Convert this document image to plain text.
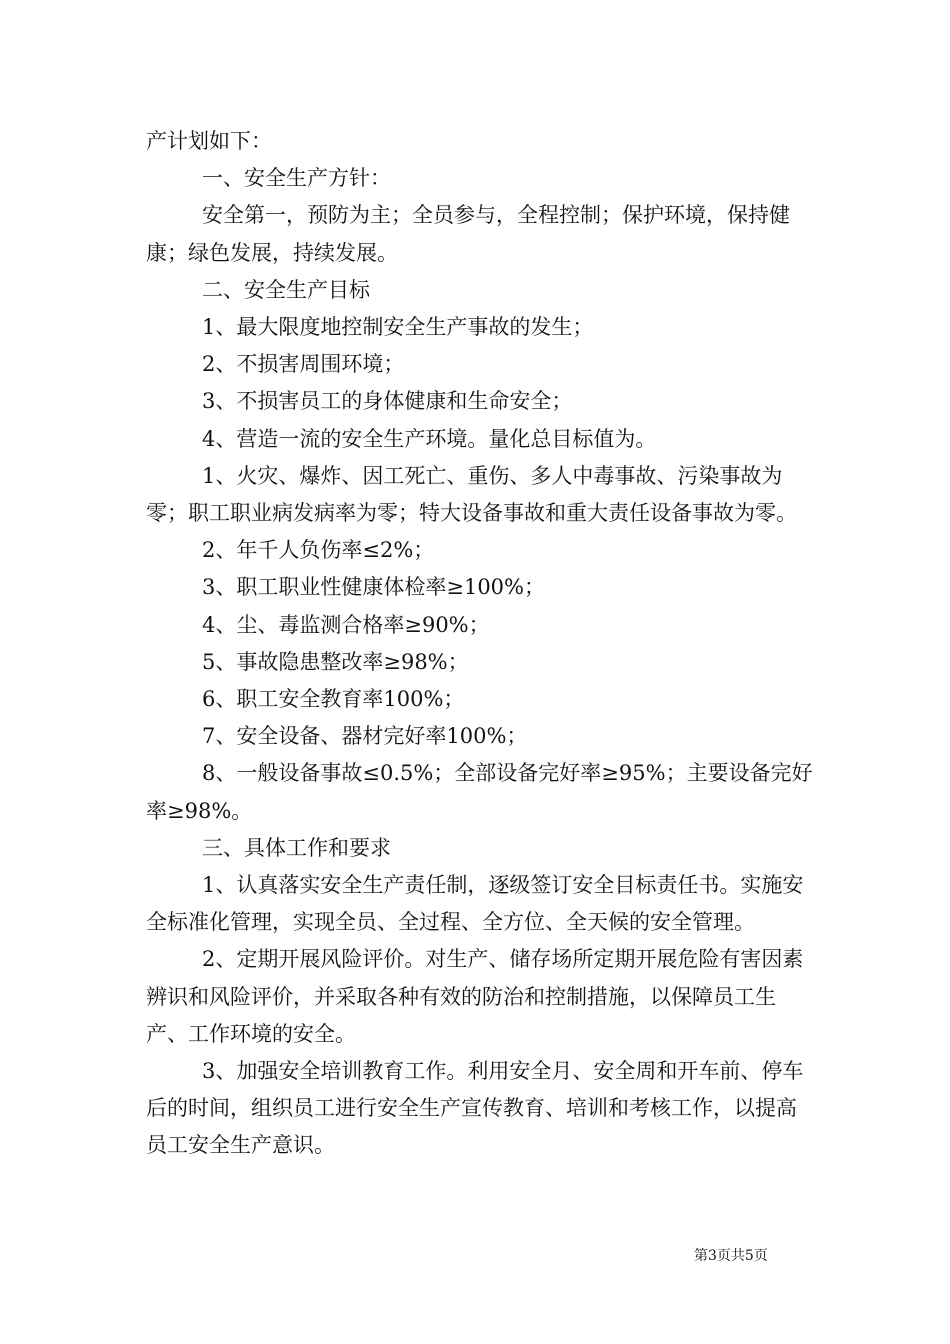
产计划如下：

一、安全生产方针：

安全第一，预防为主；全员参与，全程控制；保护环境，保持健康；绿色发展，持续发展。

二、安全生产目标

1、最大限度地控制安全生产事故的发生；

2、不损害周围环境；

3、不损害员工的身体健康和生命安全；

4、营造一流的安全生产环境。量化总目标值为。

1、火灾、爆炸、因工死亡、重伤、多人中毒事故、污染事故为零；职工职业病发病率为零；特大设备事故和重大责任设备事故为零。

2、年千人负伤率≤2%；

3、职工职业性健康体检率≥100%；

4、尘、毒监测合格率≥90%；

5、事故隐患整改率≥98%；

6、职工安全教育率100%；

7、安全设备、器材完好率100%；

8、一般设备事故≤0.5%；全部设备完好率≥95%；主要设备完好率≥98%。

三、具体工作和要求

1、认真落实安全生产责任制，逐级签订安全目标责任书。实施安全标准化管理，实现全员、全过程、全方位、全天候的安全管理。

2、定期开展风险评价。对生产、储存场所定期开展危险有害因素辨识和风险评价，并采取各种有效的防治和控制措施，以保障员工生产、工作环境的安全。

3、加强安全培训教育工作。利用安全月、安全周和开车前、停车后的时间，组织员工进行安全生产宣传教育、培训和考核工作，以提高员工安全生产意识。

第3页共5页
